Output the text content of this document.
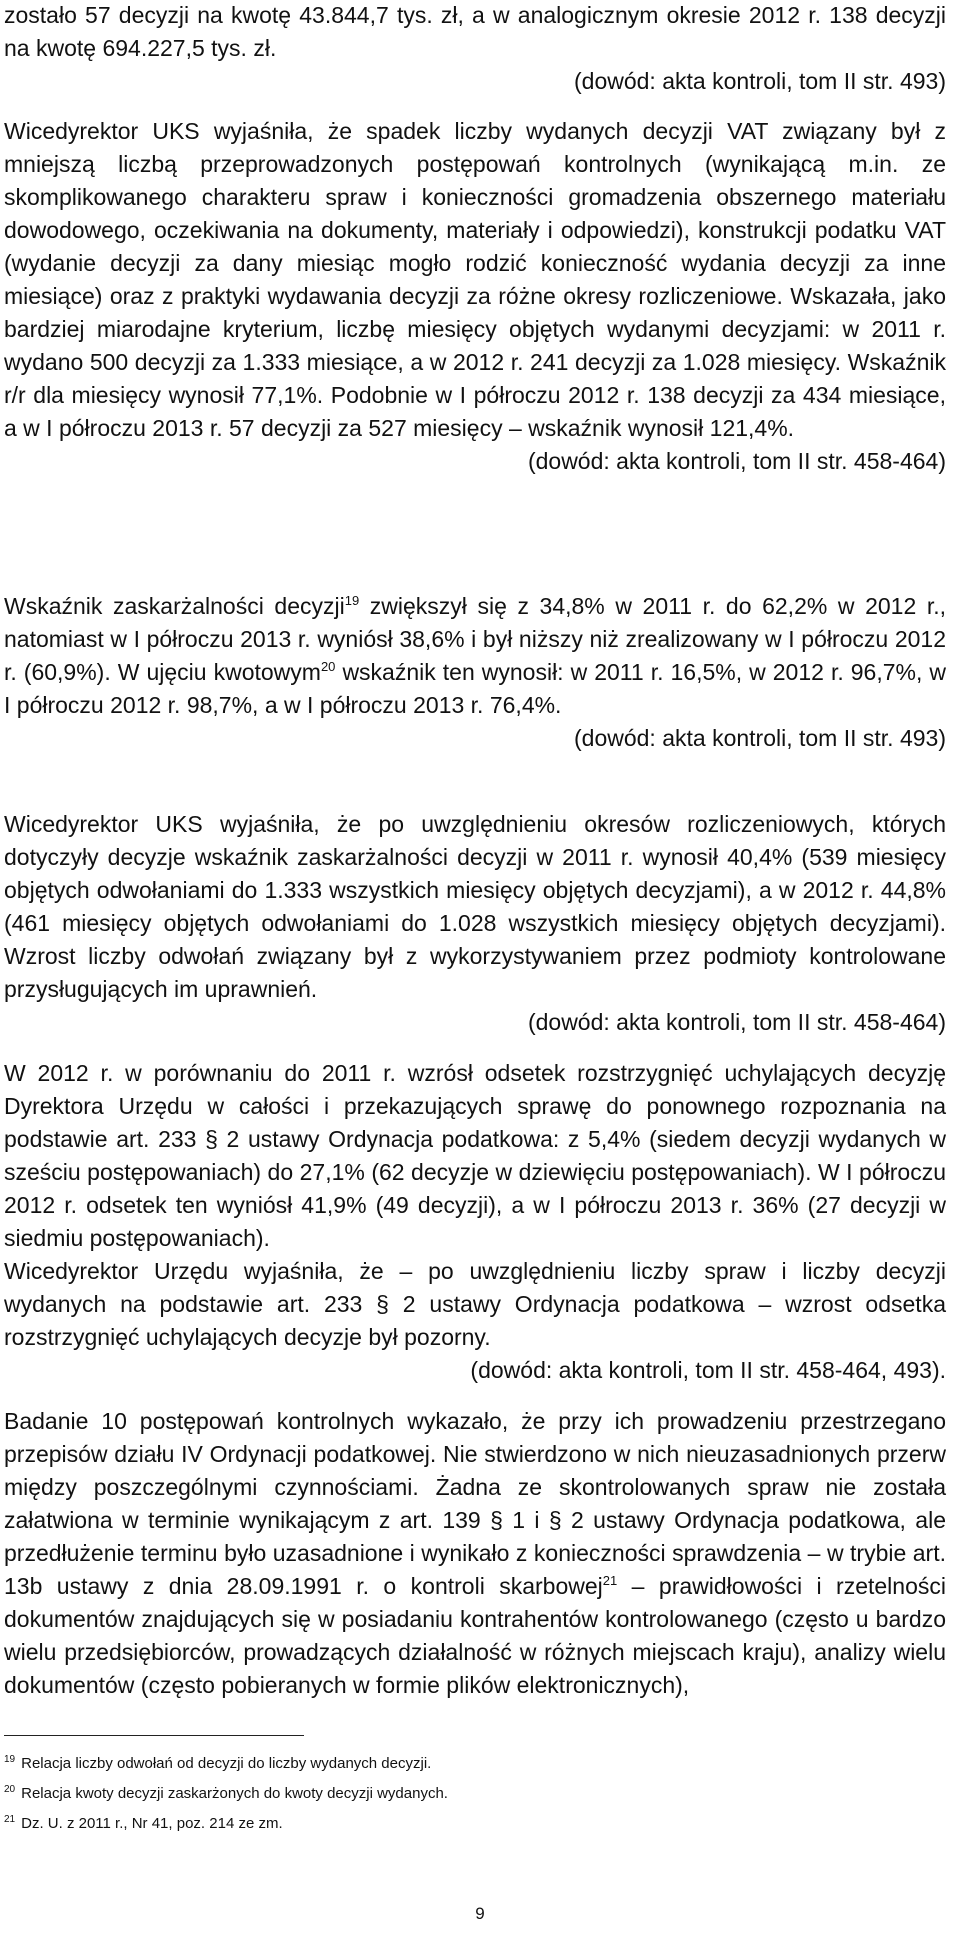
zostało 57 decyzji na kwotę 43.844,7 tys. zł, a w analogicznym okresie 2012 r. 138 decyzji na kwotę 694.227,5 tys. zł.

(dowód: akta kontroli, tom II str. 493)

Wicedyrektor UKS wyjaśniła, że spadek liczby wydanych decyzji VAT związany był z mniejszą liczbą przeprowadzonych postępowań kontrolnych (wynikającą m.in. ze skomplikowanego charakteru spraw i konieczności gromadzenia obszernego materiału dowodowego, oczekiwania na dokumenty, materiały i odpowiedzi), konstrukcji podatku VAT (wydanie decyzji za dany miesiąc mogło rodzić konieczność wydania decyzji za inne miesiące) oraz z praktyki wydawania decyzji za różne okresy rozliczeniowe. Wskazała, jako bardziej miarodajne kryterium, liczbę miesięcy objętych wydanymi decyzjami: w 2011 r. wydano 500 decyzji za 1.333 miesiące, a w 2012 r. 241 decyzji za 1.028 miesięcy. Wskaźnik r/r dla miesięcy wynosił 77,1%. Podobnie w I półroczu 2012 r. 138 decyzji za 434 miesiące, a w I półroczu 2013 r. 57 decyzji za 527 miesięcy – wskaźnik wynosił 121,4%.

(dowód: akta kontroli, tom II str. 458-464)

Wskaźnik zaskarżalności decyzji$^{19}$ zwiększył się z 34,8% w 2011 r. do 62,2% w 2012 r., natomiast w I półroczu 2013 r. wyniósł 38,6% i był niższy niż zrealizowany w I półroczu 2012 r. (60,9%). W ujęciu kwotowym$^{20}$ wskaźnik ten wynosił: w 2011 r. 16,5%, w 2012 r. 96,7%, w I półroczu 2012 r. 98,7%, a w I półroczu 2013 r. 76,4%.

(dowód: akta kontroli, tom II str. 493)

Wicedyrektor UKS wyjaśniła, że po uwzględnieniu okresów rozliczeniowych, których dotyczyły decyzje wskaźnik zaskarżalności decyzji w 2011 r. wynosił 40,4% (539 miesięcy objętych odwołaniami do 1.333 wszystkich miesięcy objętych decyzjami), a w 2012 r. 44,8% (461 miesięcy objętych odwołaniami do 1.028 wszystkich miesięcy objętych decyzjami). Wzrost liczby odwołań związany był z wykorzystywaniem przez podmioty kontrolowane przysługujących im uprawnień.

(dowód: akta kontroli, tom II str. 458-464)

W 2012 r. w porównaniu do 2011 r. wzrósł odsetek rozstrzygnięć uchylających decyzję Dyrektora Urzędu w całości i przekazujących sprawę do ponownego rozpoznania na podstawie art. 233 § 2 ustawy Ordynacja podatkowa: z 5,4% (siedem decyzji wydanych w sześciu postępowaniach) do 27,1% (62 decyzje w dziewięciu postępowaniach). W I półroczu 2012 r. odsetek ten wyniósł 41,9% (49 decyzji), a w I półroczu 2013 r. 36% (27 decyzji w siedmiu postępowaniach).

Wicedyrektor Urzędu wyjaśniła, że – po uwzględnieniu liczby spraw i liczby decyzji wydanych na podstawie art. 233 § 2 ustawy Ordynacja podatkowa – wzrost odsetka rozstrzygnięć uchylających decyzje był pozorny.

(dowód: akta kontroli, tom II str. 458-464, 493).

Badanie 10 postępowań kontrolnych wykazało, że przy ich prowadzeniu przestrzegano przepisów działu IV Ordynacji podatkowej. Nie stwierdzono w nich nieuzasadnionych przerw między poszczególnymi czynnościami. Żadna ze skontrolowanych spraw nie została załatwiona w terminie wynikającym z art. 139 § 1 i § 2 ustawy Ordynacja podatkowa, ale przedłużenie terminu było uzasadnione i wynikało z konieczności sprawdzenia – w trybie art. 13b ustawy z dnia 28.09.1991 r. o kontroli skarbowej$^{21}$ – prawidłowości i rzetelności dokumentów znajdujących się w posiadaniu kontrahentów kontrolowanego (często u bardzo wielu przedsiębiorców, prowadzących działalność w różnych miejscach kraju), analizy wielu dokumentów (często pobieranych w formie plików elektronicznych),

$^{19}$ Relacja liczby odwołań od decyzji do liczby wydanych decyzji.
$^{20}$ Relacja kwoty decyzji zaskarżonych do kwoty decyzji wydanych.
$^{21}$ Dz. U. z 2011 r., Nr 41, poz. 214 ze zm.
9
